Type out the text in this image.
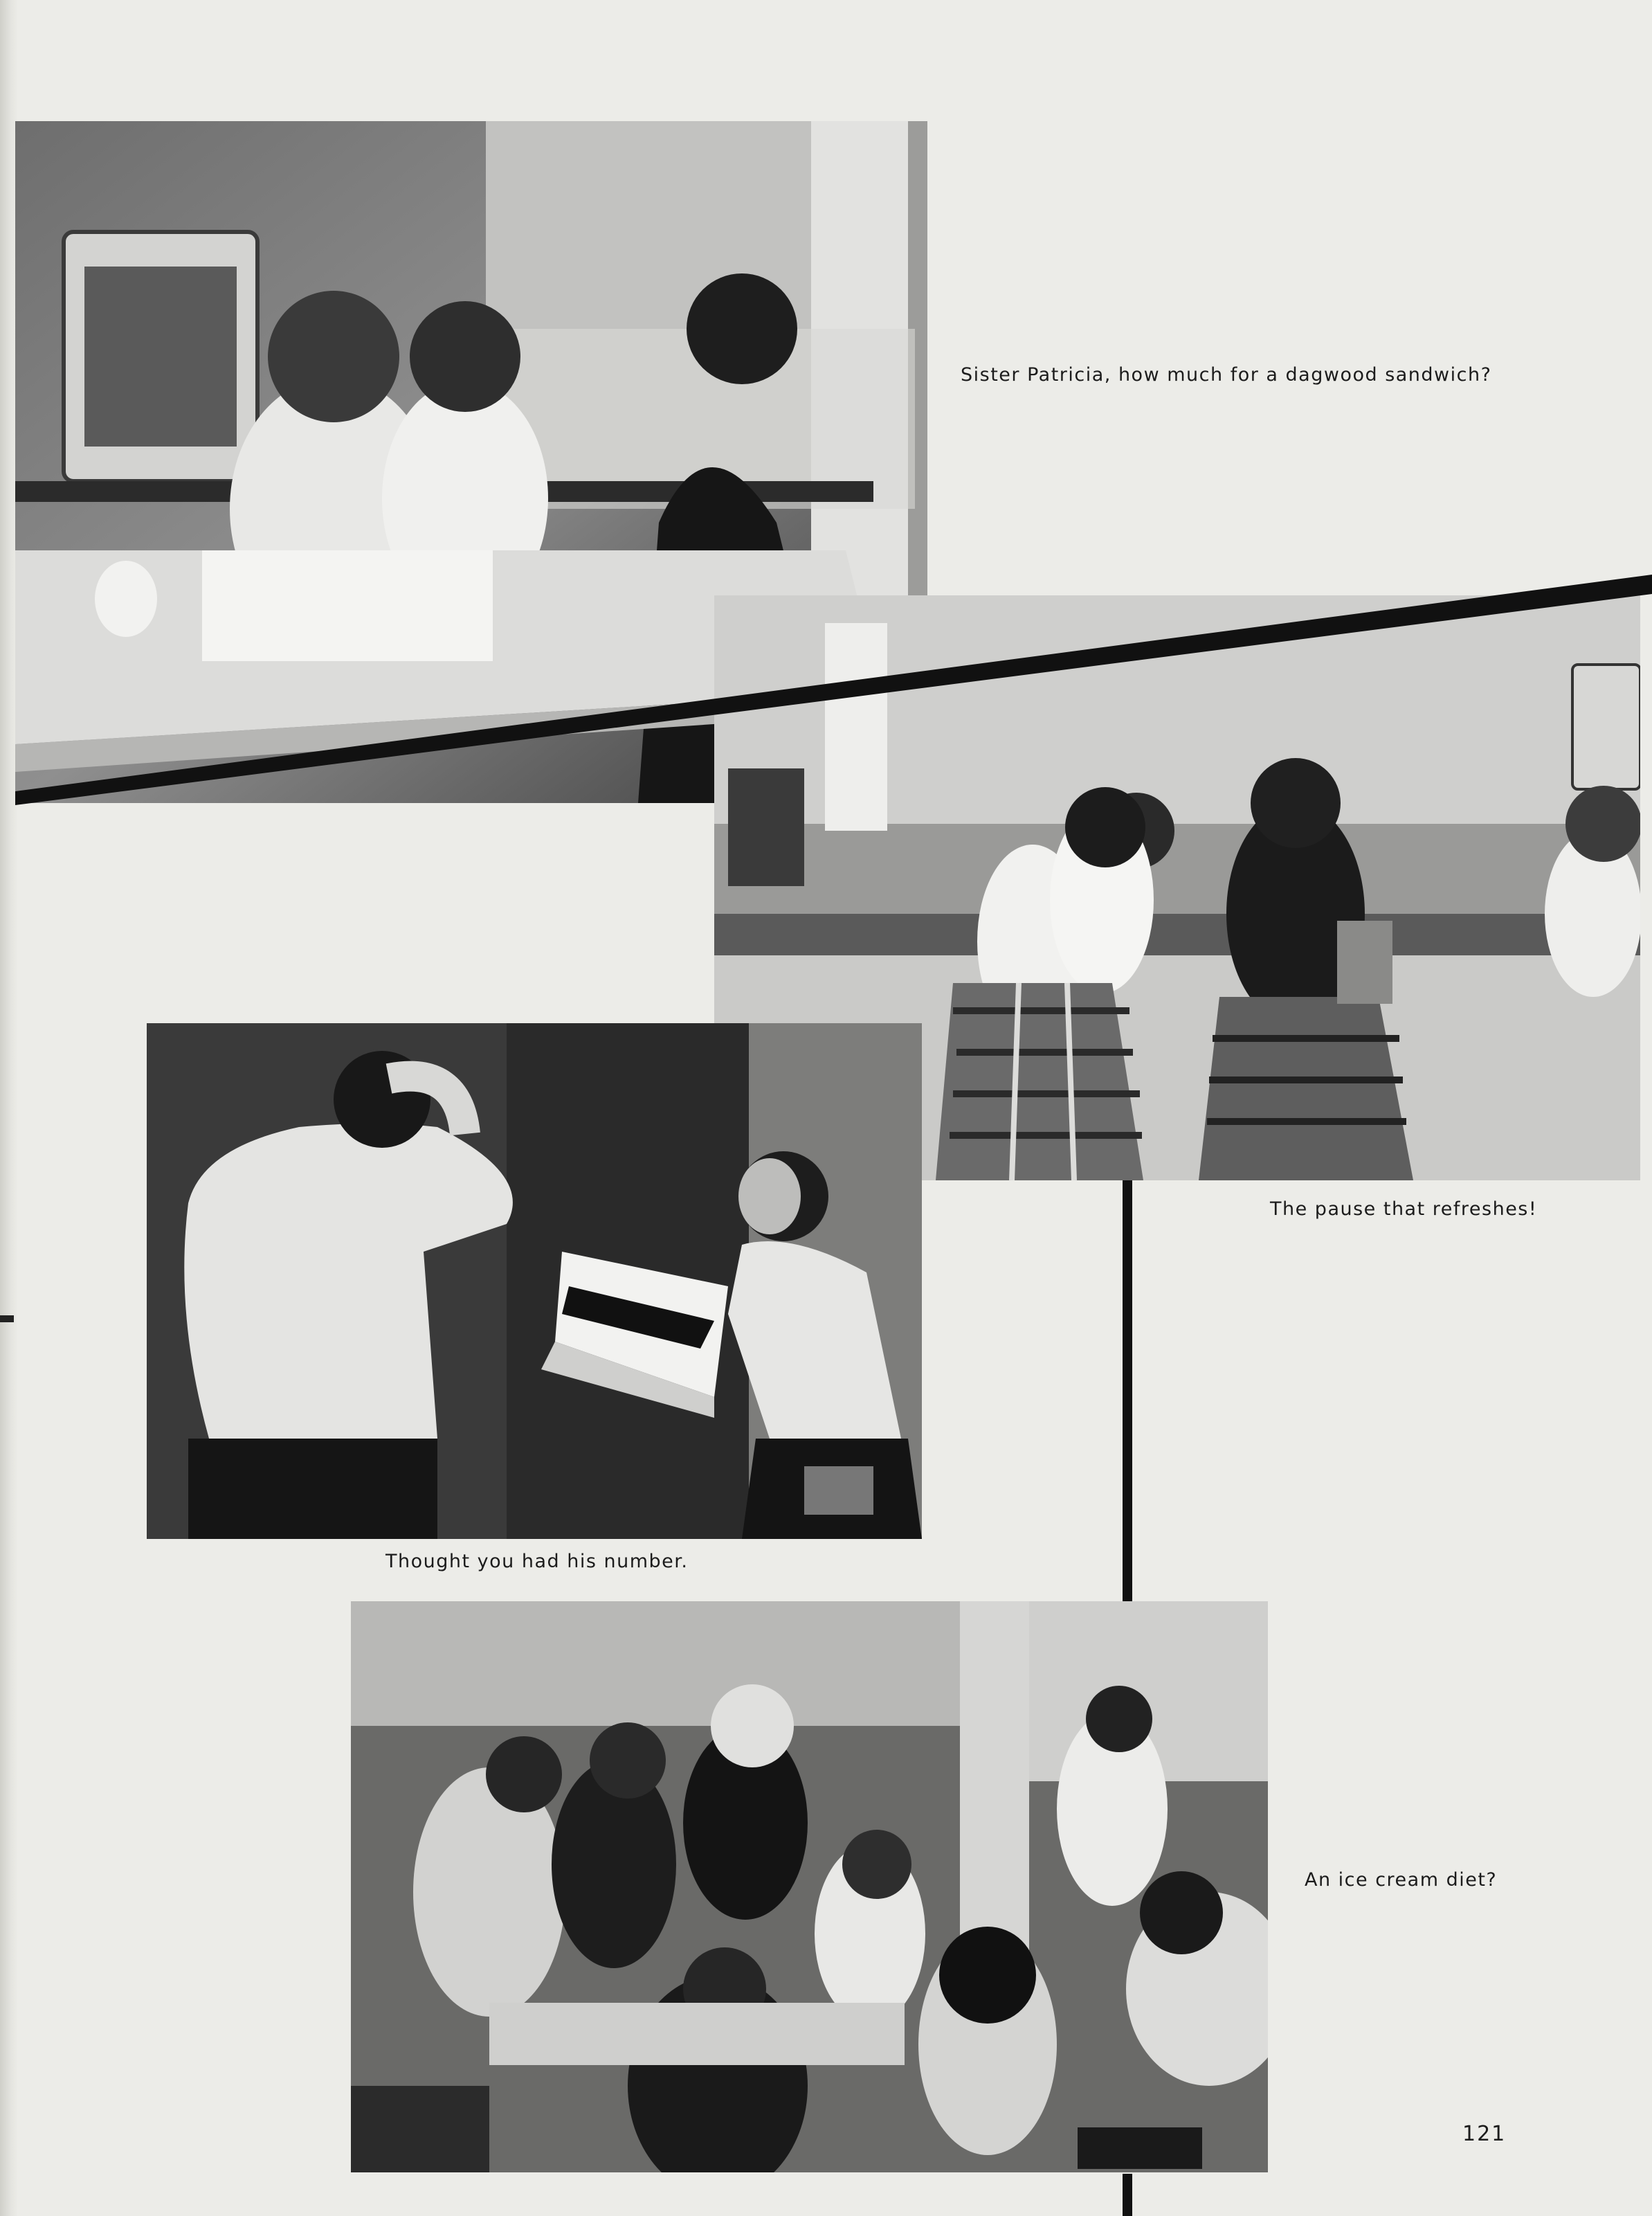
Sister Patricia, how much for a dagwood sandwich?
The pause that refreshes!
Thought you had his number.
An ice cream diet?
121
